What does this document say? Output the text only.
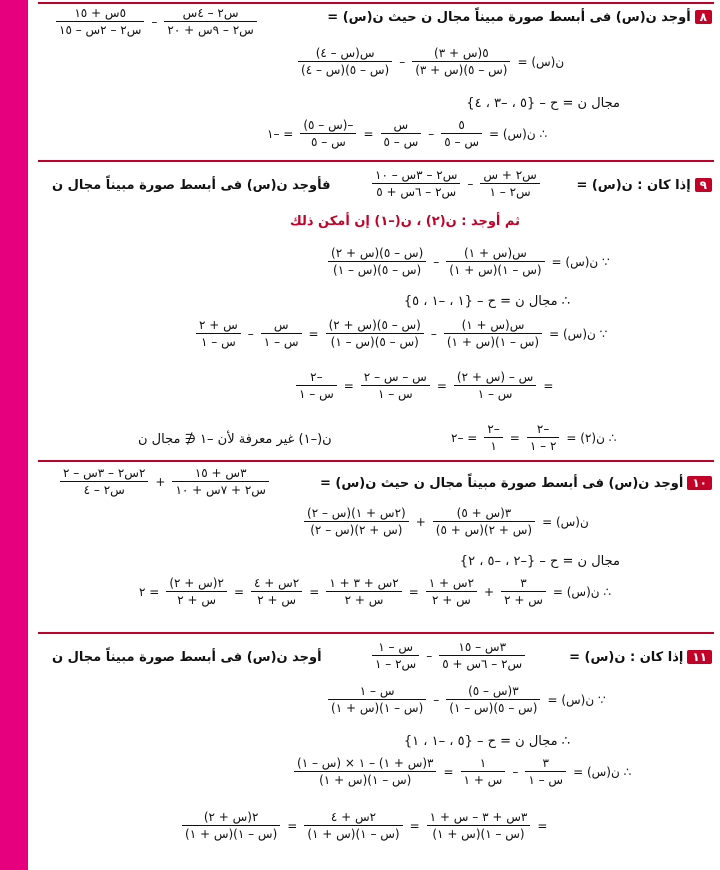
٨أوجد ن(س) فى أبسط صورة مبيناً مجال ن حيث ن(س) =
$\frac{\text{٥س + ١٥}}{\text{س٢ – ٢س – ١٥}} - \frac{\text{س٢ – ٤س}}{\text{س٢ – ٩س + ٢٠}}$
ن(س) =
$\frac{\text{٥(س + ٣)}}{\text{(س – ٥)(س + ٣)}}$
–
$\frac{\text{س(س – ٤)}}{\text{(س – ٥)(س – ٤)}}$
مجال ن = ح – {٥ ، –٣ ، ٤}
∴ ن(س) =
$\frac{٥}{\text{س – ٥}}$
–
$\frac{\text{س}}{\text{س – ٥}}$
=
$\frac{\text{–(س – ٥)}}{\text{س – ٥}}$
= –١
٩إذا كان : ن(س) =
$\frac{\text{س٢ + س}}{\text{س٢ – ١}}$
–
$\frac{\text{س٢ – ٣س – ١٠}}{\text{س٢ – ٦س + ٥}}$
فأوجد ن(س) فى أبسط صورة مبيناً مجال ن
ثم أوجد : ن(٢) ، ن(–١) إن أمكن ذلك
∵ ن(س) =
$\frac{\text{س(س + ١)}}{\text{(س – ١)(س + ١)}}$
–
$\frac{\text{(س – ٥)(س + ٢)}}{\text{(س – ٥)(س – ١)}}$
∴ مجال ن = ح – {١ ، –١ ، ٥}
∵ ن(س) =
$\frac{\text{س(س + ١)}}{\text{(س – ١)(س + ١)}}$
–
$\frac{\text{(س – ٥)(س + ٢)}}{\text{(س – ٥)(س – ١)}}$
=
$\frac{\text{س}}{\text{س – ١}}$
–
$\frac{\text{س + ٢}}{\text{س – ١}}$
=
$\frac{\text{س – (س + ٢)}}{\text{س – ١}}$
=
$\frac{\text{س – س – ٢}}{\text{س – ١}}$
=
$\frac{-٢}{\text{س – ١}}$
∴ ن(٢) =
$\frac{-٢}{٢ - ١}$
=
$\frac{-٢}{١}$
= –٢
ن(–١) غير معرفة لأن –١ ∉ مجال ن
١٠أوجد ن(س) فى أبسط صورة مبيناً مجال ن حيث ن(س) =
$\frac{\text{٣س + ١٥}}{\text{س٢ + ٧س + ١٠}}$
+
$\frac{\text{٢س٢ – ٣س – ٢}}{\text{س٢ – ٤}}$
ن(س) =
$\frac{\text{٣(س + ٥)}}{\text{(س + ٢)(س + ٥)}}$
+
$\frac{\text{(٢س + ١)(س – ٢)}}{\text{(س + ٢)(س – ٢)}}$
مجال ن = ح – {–٢ ، –٥ ، ٢}
∴ ن(س) =
$\frac{٣}{\text{س + ٢}}$
+
$\frac{\text{٢س + ١}}{\text{س + ٢}}$
=
$\frac{\text{٢س + ٣ + ١}}{\text{س + ٢}}$
=
$\frac{\text{٢س + ٤}}{\text{س + ٢}}$
=
$\frac{\text{٢(س + ٢)}}{\text{س + ٢}}$
= ٢
١١إذا كان : ن(س) =
$\frac{\text{٣س – ١٥}}{\text{س٢ – ٦س + ٥}}$
–
$\frac{\text{س – ١}}{\text{س٢ – ١}}$
أوجد ن(س) فى أبسط صورة مبيناً مجال ن
∵ ن(س) =
$\frac{\text{٣(س – ٥)}}{\text{(س – ٥)(س – ١)}}$
–
$\frac{\text{س – ١}}{\text{(س – ١)(س + ١)}}$
∴ مجال ن = ح – {٥ ، –١ ، ١}
∴ ن(س) =
$\frac{٣}{\text{س – ١}}$
–
$\frac{١}{\text{س + ١}}$
=
$\frac{\text{٣(س + ١) – ١ × (س – ١)}}{\text{(س – ١)(س + ١)}}$
=
$\frac{\text{٣س + ٣ – س + ١}}{\text{(س – ١)(س + ١)}}$
=
$\frac{\text{٢س + ٤}}{\text{(س – ١)(س + ١)}}$
=
$\frac{\text{٢(س + ٢)}}{\text{(س – ١)(س + ١)}}$
